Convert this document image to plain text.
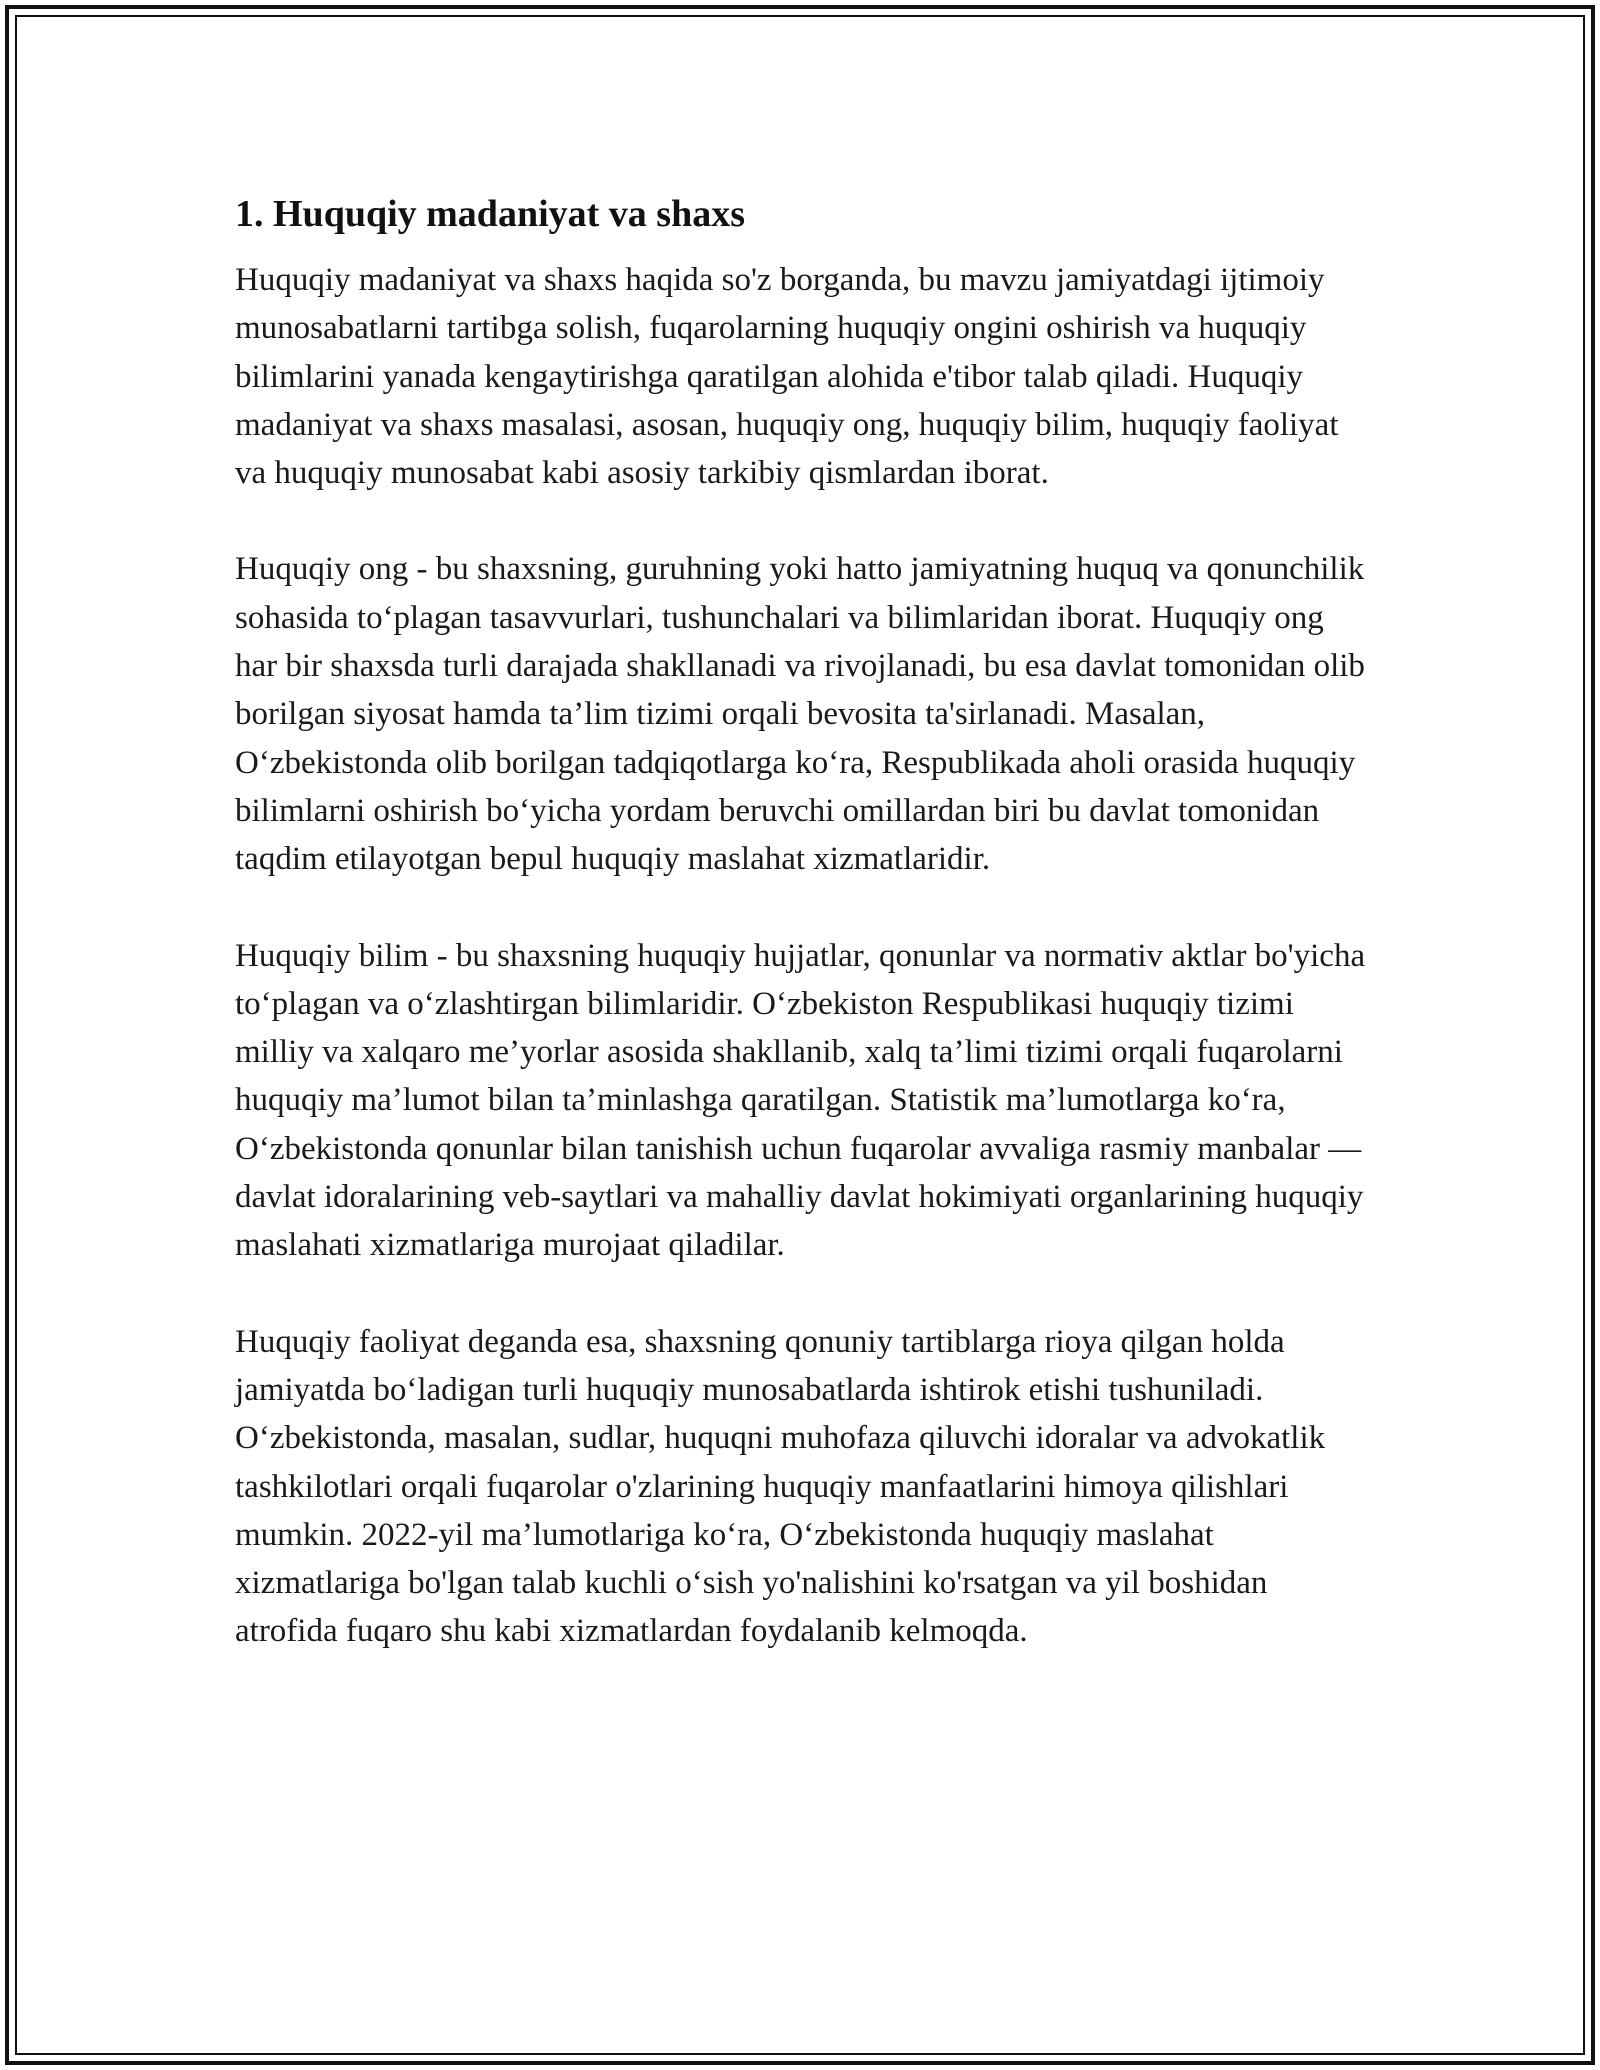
1. Huquqiy madaniyat va shaxs

Huquqiy madaniyat va shaxs haqida so'z borganda, bu mavzu jamiyatdagi ijtimoiy munosabatlarni tartibga solish, fuqarolarning huquqiy ongini oshirish va huquqiy bilimlarini yanada kengaytirishga qaratilgan alohida e'tibor talab qiladi. Huquqiy madaniyat va shaxs masalasi, asosan, huquqiy ong, huquqiy bilim, huquqiy faoliyat va huquqiy munosabat kabi asosiy tarkibiy qismlardan iborat.

Huquqiy ong - bu shaxsning, guruhning yoki hatto jamiyatning huquq va qonunchilik sohasida to‘plagan tasavvurlari, tushunchalari va bilimlaridan iborat. Huquqiy ong har bir shaxsda turli darajada shakllanadi va rivojlanadi, bu esa davlat tomonidan olib borilgan siyosat hamda ta’lim tizimi orqali bevosita ta'sirlanadi. Masalan, O‘zbekistonda olib borilgan tadqiqotlarga ko‘ra, Respublikada aholi orasida huquqiy bilimlarni oshirish bo‘yicha yordam beruvchi omillardan biri bu davlat tomonidan taqdim etilayotgan bepul huquqiy maslahat xizmatlaridir.

Huquqiy bilim - bu shaxsning huquqiy hujjatlar, qonunlar va normativ aktlar bo'yicha to‘plagan va o‘zlashtirgan bilimlaridir. O‘zbekiston Respublikasi huquqiy tizimi milliy va xalqaro me’yorlar asosida shakllanib, xalq ta’limi tizimi orqali fuqarolarni huquqiy ma’lumot bilan ta’minlashga qaratilgan. Statistik ma’lumotlarga ko‘ra, O‘zbekistonda qonunlar bilan tanishish uchun fuqarolar avvaliga rasmiy manbalar — davlat idoralarining veb-saytlari va mahalliy davlat hokimiyati organlarining huquqiy maslahati xizmatlariga murojaat qiladilar.

Huquqiy faoliyat deganda esa, shaxsning qonuniy tartiblarga rioya qilgan holda jamiyatda bo‘ladigan turli huquqiy munosabatlarda ishtirok etishi tushuniladi. O‘zbekistonda, masalan, sudlar, huquqni muhofaza qiluvchi idoralar va advokatlik tashkilotlari orqali fuqarolar o'zlarining huquqiy manfaatlarini himoya qilishlari mumkin. 2022-yil ma’lumotlariga ko‘ra, O‘zbekistonda huquqiy maslahat xizmatlariga bo'lgan talab kuchli o‘sish yo'nalishini ko'rsatgan va yil boshidan atrofida fuqaro shu kabi xizmatlardan foydalanib kelmoqda.
